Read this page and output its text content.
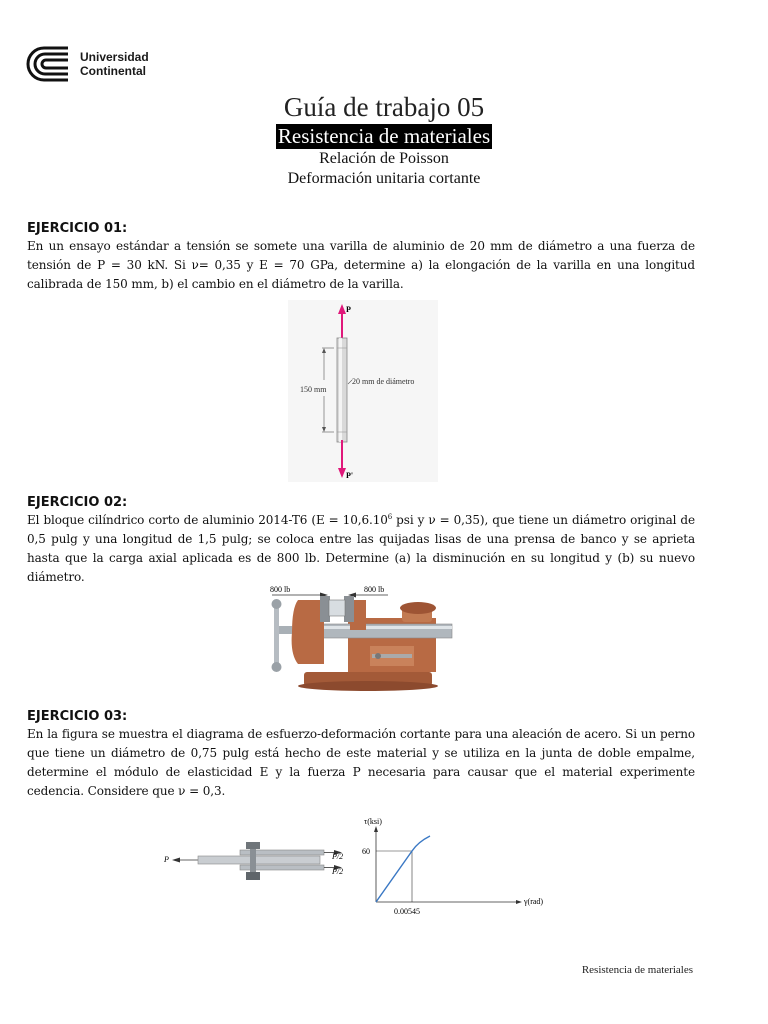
Universidad
Continental
Guía de trabajo 05
Resistencia de materiales
Relación de Poisson
Deformación unitaria cortante
EJERCICIO 01:
En un ensayo estándar a tensión se somete una varilla de aluminio de 20 mm de diámetro a una fuerza de tensión de P = 30 kN. Si ν= 0,35 y E = 70 GPa, determine a) la elongación de la varilla en una longitud calibrada de 150 mm, b) el cambio en el diámetro de la varilla.
P
P'
150 mm
20 mm de diámetro
EJERCICIO 02:
El bloque cilíndrico corto de aluminio 2014-T6 ($E = 10,6.10^6$ psi y ν = 0,35), que tiene un diámetro original de 0,5 pulg y una longitud de 1,5 pulg; se coloca entre las quijadas lisas de una prensa de banco y se aprieta hasta que la carga axial aplicada es de 800 lb. Determine (a) la disminución en su longitud y (b) su nuevo diámetro.
800 lb	800 lb
EJERCICIO 03:
En la figura se muestra el diagrama de esfuerzo-deformación cortante para una aleación de acero. Si un perno que tiene un diámetro de 0,75 pulg está hecho de este material y se utiliza en la junta de doble empalme, determine el módulo de elasticidad E y la fuerza P necesaria para causar que el material experimente cedencia. Considere que ν = 0,3.
P	P/2
P/2
τ(ksi)
γ(rad)
60
0.00545
Resistencia de materiales
